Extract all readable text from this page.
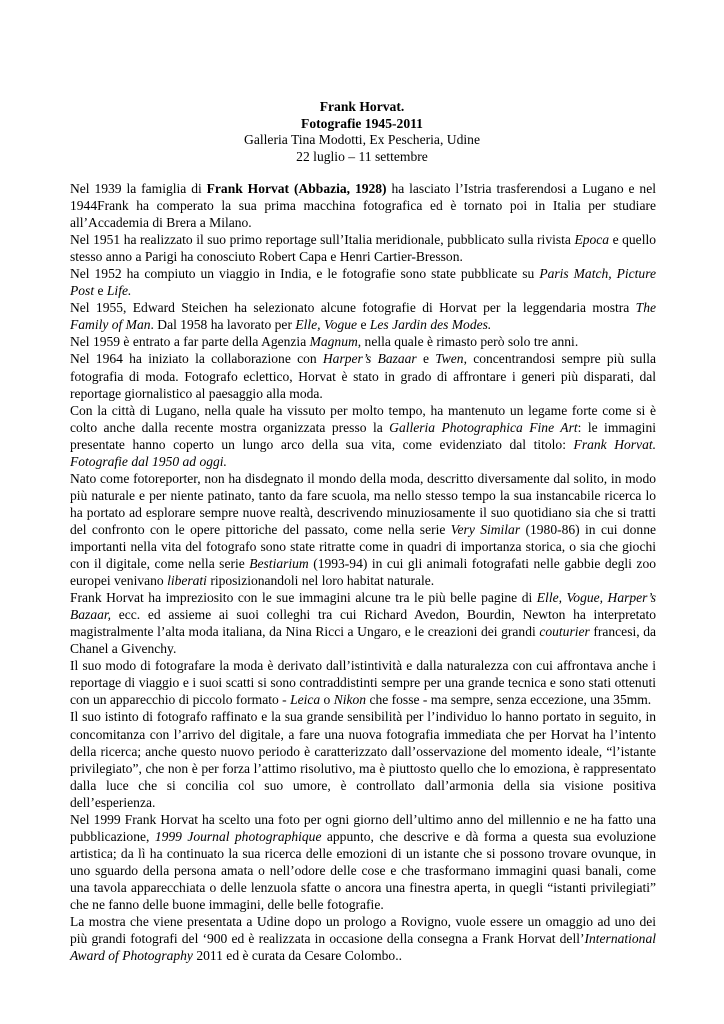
Frank Horvat.
Fotografie 1945-2011
Galleria Tina Modotti, Ex Pescheria, Udine
22 luglio – 11 settembre

Nel 1939 la famiglia di Frank Horvat (Abbazia, 1928) ha lasciato l’Istria trasferendosi a Lugano e nel 1944Frank ha comperato la sua prima macchina fotografica ed è tornato poi in Italia per studiare all’Accademia di Brera a Milano.

Nel 1951 ha realizzato il suo primo reportage sull’Italia meridionale, pubblicato sulla rivista Epoca e quello stesso anno a Parigi ha conosciuto Robert Capa e Henri Cartier-Bresson.

Nel 1952 ha compiuto un viaggio in India, e le fotografie sono state pubblicate su Paris Match, Picture Post e Life.

Nel 1955, Edward Steichen ha selezionato alcune fotografie di Horvat per la leggendaria mostra The Family of Man. Dal 1958 ha lavorato per Elle, Vogue e Les Jardin des Modes.

Nel 1959 è entrato a far parte della Agenzia Magnum, nella quale è rimasto però solo tre anni.

Nel 1964 ha iniziato la collaborazione con Harper’s Bazaar e Twen, concentrandosi sempre più sulla fotografia di moda. Fotografo eclettico, Horvat è stato in grado di affrontare i generi più disparati, dal reportage giornalistico al paesaggio alla moda.

Con la città di Lugano, nella quale ha vissuto per molto tempo, ha mantenuto un legame forte come si è colto anche dalla recente mostra organizzata presso la Galleria Photographica Fine Art: le immagini presentate hanno coperto un lungo arco della sua vita, come evidenziato dal titolo: Frank Horvat. Fotografie dal 1950 ad oggi.

Nato come fotoreporter, non ha disdegnato il mondo della moda, descritto diversamente dal solito, in modo più naturale e per niente patinato, tanto da fare scuola, ma nello stesso tempo la sua instancabile ricerca lo ha portato ad esplorare sempre nuove realtà, descrivendo minuziosamente il suo quotidiano sia che si tratti del confronto con le opere pittoriche del passato, come nella serie Very Similar (1980-86) in cui donne importanti nella vita del fotografo sono state ritratte come in quadri di importanza storica, o sia che giochi con il digitale, come nella serie Bestiarium (1993-94) in cui gli animali fotografati nelle gabbie degli zoo europei venivano liberati riposizionandoli nel loro habitat naturale.

Frank Horvat ha impreziosito con le sue immagini alcune tra le più belle pagine di Elle, Vogue, Harper’s Bazaar, ecc. ed assieme ai suoi colleghi tra cui Richard Avedon, Bourdin, Newton ha interpretato magistralmente l’alta moda italiana, da Nina Ricci a Ungaro, e le creazioni dei grandi couturier francesi, da Chanel a Givenchy.

Il suo modo di fotografare la moda è derivato dall’istintività e dalla naturalezza con cui affrontava anche i reportage di viaggio e i suoi scatti si sono contraddistinti sempre per una grande tecnica e sono stati ottenuti con un apparecchio di piccolo formato - Leica o Nikon che fosse - ma sempre, senza eccezione, una 35mm.

Il suo istinto di fotografo raffinato e la sua grande sensibilità per l’individuo lo hanno portato in seguito, in concomitanza con l’arrivo del digitale, a fare una nuova fotografia immediata che per Horvat ha l’intento della ricerca; anche questo nuovo periodo è caratterizzato dall’osservazione del momento ideale, “l’istante privilegiato”, che non è per forza l’attimo risolutivo, ma è piuttosto quello che lo emoziona, è rappresentato dalla luce che si concilia col suo umore, è controllato dall’armonia della sia visione positiva dell’esperienza.

Nel 1999 Frank Horvat ha scelto una foto per ogni giorno dell’ultimo anno del millennio e ne ha fatto una pubblicazione, 1999 Journal photographique appunto, che descrive e dà forma a questa sua evoluzione artistica; da lì ha continuato la sua ricerca delle emozioni di un istante che si possono trovare ovunque, in uno sguardo della persona amata o nell’odore delle cose e che trasformano immagini quasi banali, come una tavola apparecchiata o delle lenzuola sfatte o ancora una finestra aperta, in quegli “istanti privilegiati” che ne fanno delle buone immagini, delle belle fotografie.

La mostra che viene presentata a Udine dopo un prologo a Rovigno, vuole essere un omaggio ad uno dei più grandi fotografi del ‘900 ed è realizzata in occasione della consegna a Frank Horvat dell’International Award of Photography 2011 ed è curata da Cesare Colombo..
